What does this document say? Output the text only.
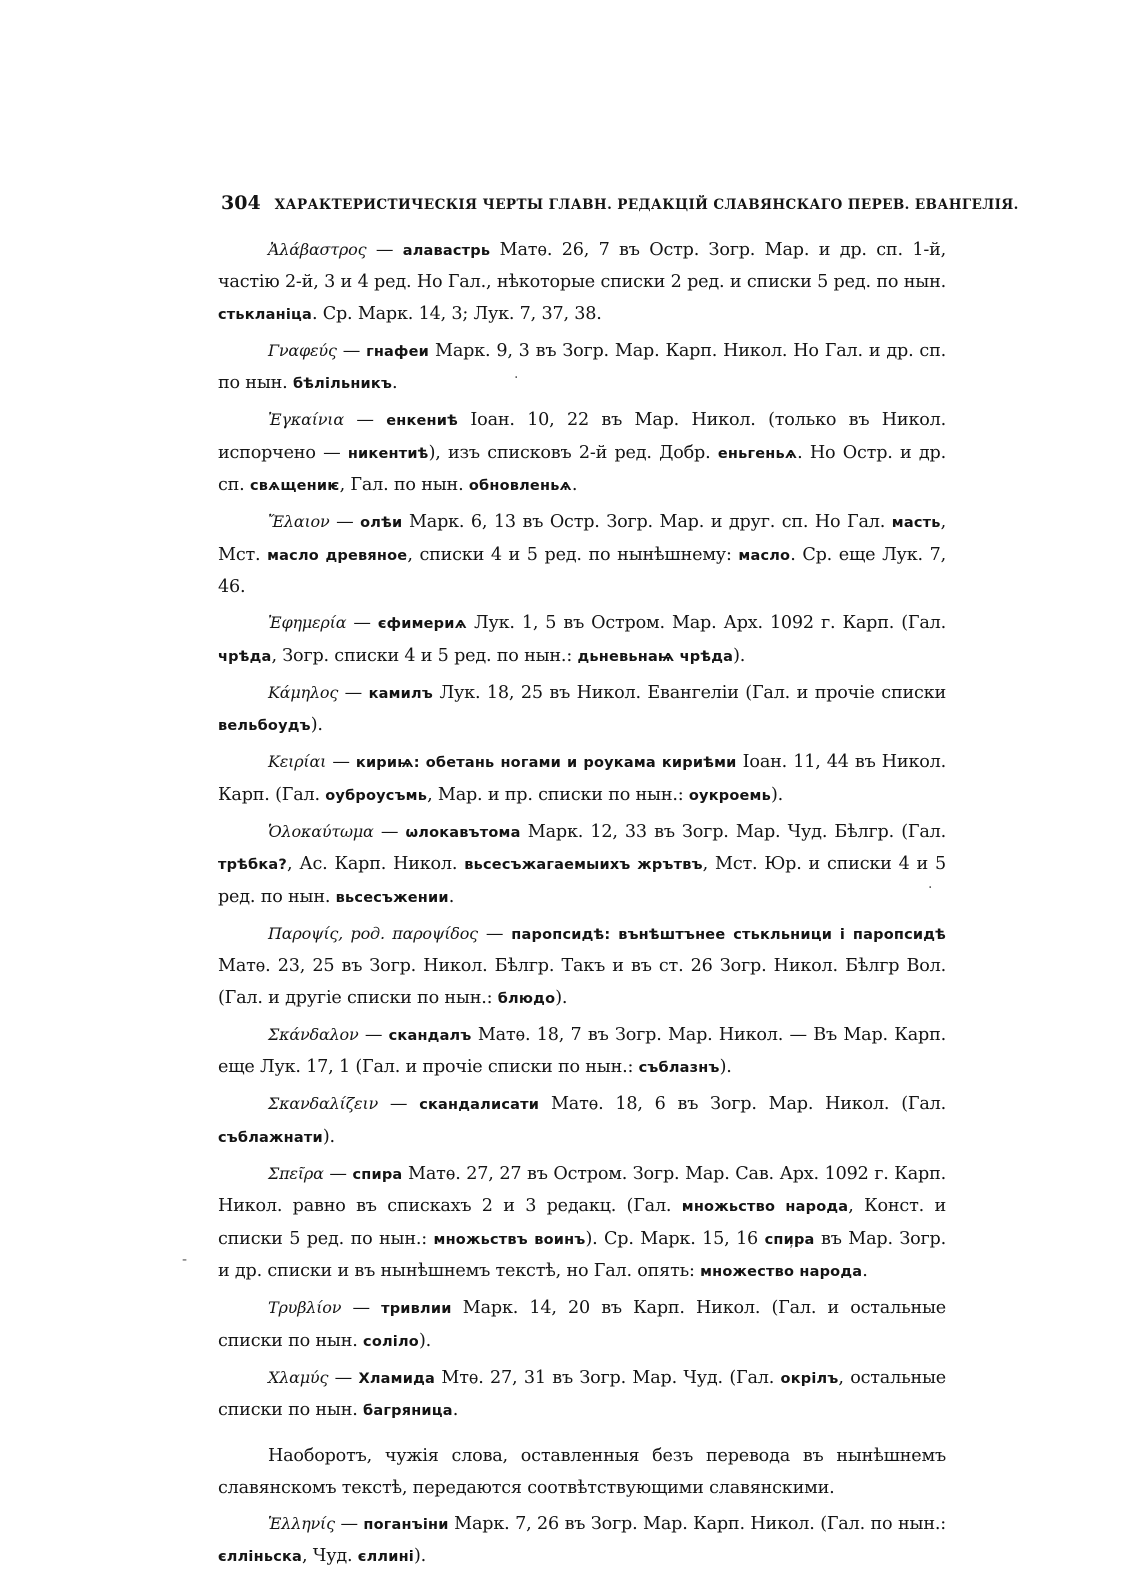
304 ХАРАКТЕРИСТИЧЕСКІЯ ЧЕРТЫ ГЛАВН. РЕДАКЦІЙ СЛАВЯНСКАГО ПЕРЕВ. ЕВАНГЕЛІЯ.

Ἀλάβαστρος — алавастрь Матѳ. 26, 7 въ Остр. Зогр. Мар. и др. сп. 1-й, частію 2-й, 3 и 4 ред. Но Гал., нѣкоторые списки 2 ред. и списки 5 ред. по нын. стькланіца. Ср. Марк. 14, 3; Лук. 7, 37, 38.

Γναφεύς — гнафеи Марк. 9, 3 въ Зогр. Мар. Карп. Никол. Но Гал. и др. сп. по нын. бѣлільникъ.

Ἐγκαίνια — енкениѣ Іоан. 10, 22 въ Мар. Никол. (только въ Никол. испорчено — никентиѣ), изъ списковъ 2-й ред. Добр. еньгеньѧ. Но Остр. и др. сп. свѧщениѥ, Гал. по нын. обновленьѧ.

Ἔλαιον — олѣи Марк. 6, 13 въ Остр. Зогр. Мар. и друг. сп. Но Гал. масть, Мст. масло древяное, списки 4 и 5 ред. по нынѣшнему: масло. Ср. еще Лук. 7, 46.

Ἐφημερία — єфимериѧ Лук. 1, 5 въ Остром. Мар. Арх. 1092 г. Карп. (Гал. чрѣда, Зогр. списки 4 и 5 ред. по нын.: дьневьнаѩ чрѣда).

Κάμηλος — камилъ Лук. 18, 25 въ Никол. Евангеліи (Гал. и прочіе списки вельбоудъ).

Κειρίαι — кириѩ: обетань ногами и роукама кириѣми Іоан. 11, 44 въ Никол. Карп. (Гал. оуброусъмь, Мар. и пр. списки по нын.: оукроемь).

Ὁλοκαύτωμα — ωлокавътома Марк. 12, 33 въ Зогр. Мар. Чуд. Бѣлгр. (Гал. трѣбка?, Ас. Карп. Никол. вьсесъжагаемыихъ жрътвъ, Мст. Юр. и списки 4 и 5 ред. по нын. вьсесъжении.

Παροψίς, род. παροψίδος — паропсидѣ: вънѣштънее стькльници і паропсидѣ Матѳ. 23, 25 въ Зогр. Никол. Бѣлгр. Такъ и въ ст. 26 Зогр. Никол. Бѣлгр Вол. (Гал. и другіе списки по нын.: блюдо).

Σκάνδαλον — скандалъ Матѳ. 18, 7 въ Зогр. Мар. Никол. — Въ Мар. Карп. еще Лук. 17, 1 (Гал. и прочіе списки по нын.: съблазнъ).

Σκανδαλίζειν — скандалисати Матѳ. 18, 6 въ Зогр. Мар. Никол. (Гал. съблажнати).

Σπεῖρα — спира Матѳ. 27, 27 въ Остром. Зогр. Мар. Сав. Арх. 1092 г. Карп. Никол. равно въ спискахъ 2 и 3 редакц. (Гал. множьство народа, Конст. и списки 5 ред. по нын.: множьствъ воинъ). Ср. Марк. 15, 16 спира въ Мар. Зогр. и др. списки и въ нынѣшнемъ текстѣ, но Гал. опять: множество народа.

Τρυβλίον — тривлии Марк. 14, 20 въ Карп. Никол. (Гал. и остальные списки по нын. соліло).

Χλαμύς — Хламида Мтѳ. 27, 31 въ Зогр. Мар. Чуд. (Гал. окрілъ, остальные списки по нын. багряница.

Наоборотъ, чужія слова, оставленныя безъ перевода въ нынѣшнемъ славянскомъ текстѣ, передаются соотвѣтствующими славянскими.

Ἑλληνίς — поганъіни Марк. 7, 26 въ Зогр. Мар. Карп. Никол. (Гал. по нын.: єлліньска, Чуд. єллині).

.
·
-
ʼ
